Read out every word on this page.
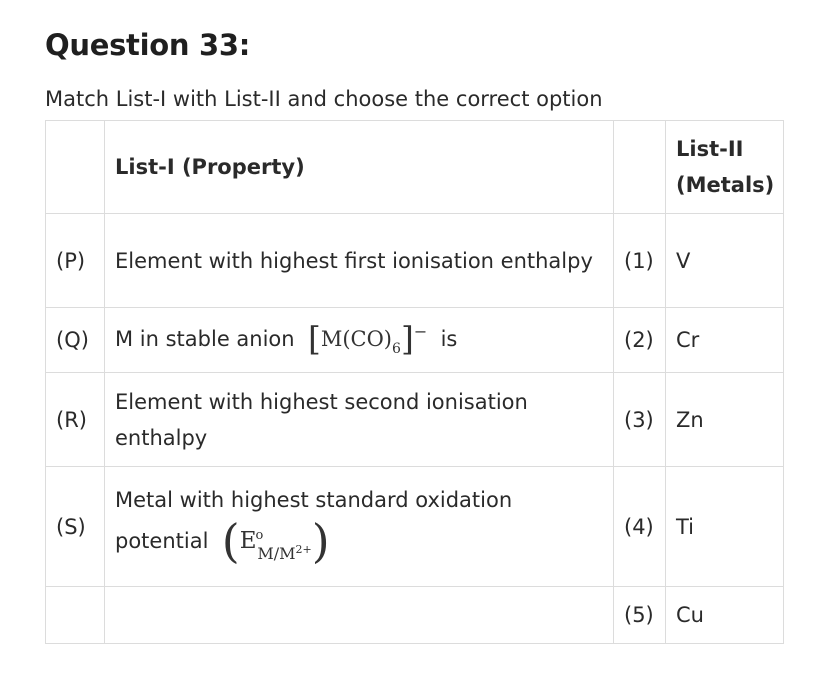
Question 33:

Match List-I with List-II and choose the correct option

	List-I (Property)		List-II
(Metals)
(P)	Element with highest first ionisation enthalpy	(1)	V
(Q)	M in stable anion $[M(CO)_6]^-$ is	(2)	Cr
(R)	Element with highest second ionisation enthalpy	(3)	Zn
(S)	Metal with highest standard oxidation
potential $(E^o_{M/M^{2+}})$	(4)	Ti
		(5)	Cu
